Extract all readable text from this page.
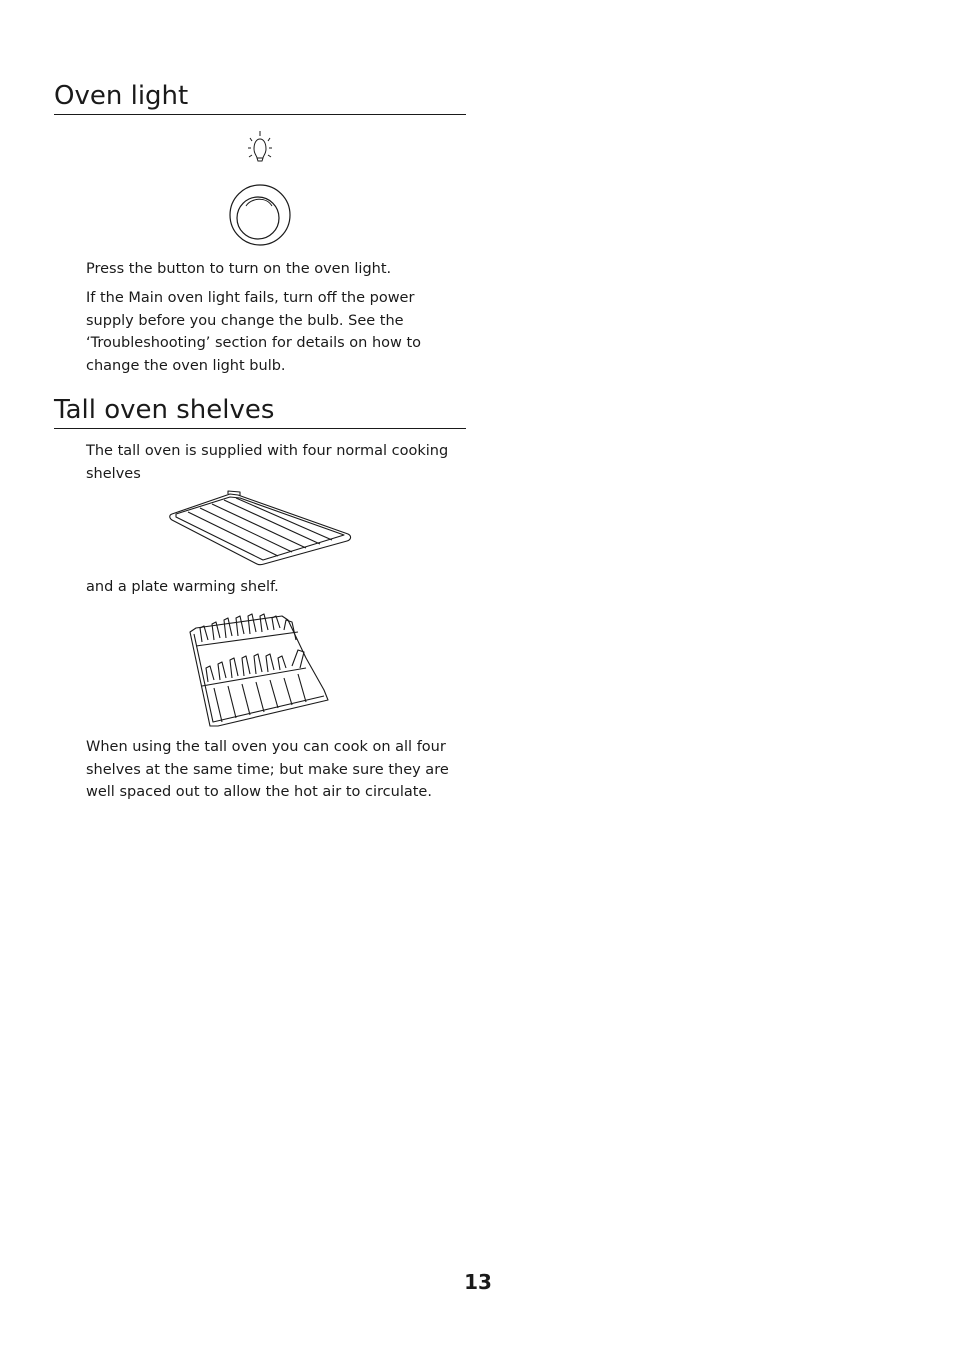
Oven light

Press the button to turn on the oven light.

If the Main oven light fails, turn off the power supply before you change the bulb. See the ‘Troubleshooting’ section for details on how to change the oven light bulb.

Tall oven shelves

The tall oven is supplied with four normal cooking shelves

and a plate warming shelf.

When using the tall oven you can cook on all four shelves at the same time; but make sure they are well spaced out to allow the hot air to circulate.

13
